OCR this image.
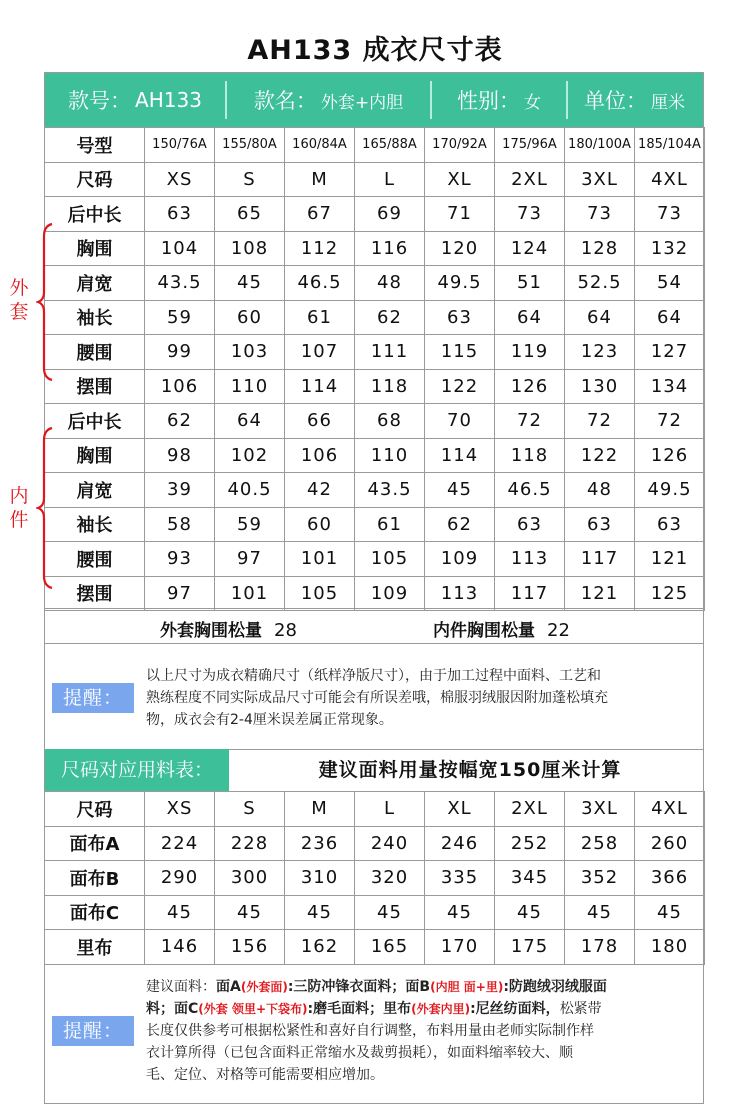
AH133 成衣尺寸表
款号： AH133 款名： 外套+内胆	性别： 女 单位： 厘米
号型	150/76A	155/80A	160/84A	165/88A	170/92A	175/96A	180/100A	185/104A
尺码	XS	S	M	L	XL	2XL	3XL	4XL
后中长	63	65	67	69	71	73	73	73
胸围	104	108	112	116	120	124	128	132
肩宽	43.5	45	46.5	48	49.5	51	52.5	54
袖长	59	60	61	62	63	64	64	64
腰围	99	103	107	111	115	119	123	127
摆围	106	110	114	118	122	126	130	134
后中长	62	64	66	68	70	72	72	72
胸围	98	102	106	110	114	118	122	126
肩宽	39	40.5	42	43.5	45	46.5	48	49.5
袖长	58	59	60	61	62	63	63	63
腰围	93	97	101	105	109	113	117	121
摆围	97	101	105	109	113	117	121	125
外
套
内
件
外套胸围松量 28	内件胸围松量 22
提醒：
以上尺寸为成衣精确尺寸（纸样净版尺寸），由于加工过程中面料、工艺和
熟练程度不同实际成品尺寸可能会有所误差哦，棉服羽绒服因附加蓬松填充
物，成衣会有2-4厘米误差属正常现象。
尺码对应用料表：	建议面料用量按幅宽150厘米计算
尺码	XS	S	M	L	XL	2XL	3XL	4XL
面布A	224	228	236	240	246	252	258	260
面布B	290	300	310	320	335	345	352	366
面布C	45	45	45	45	45	45	45	45
里布	146	156	162	165	170	175	178	180
提醒：
建议面料：面A(外套面):三防冲锋衣面料；面B(内胆 面+里):防跑绒羽绒服面
料；面C(外套 领里+下袋布):磨毛面料；里布(外套内里):尼丝纺面料，松紧带
长度仅供参考可根据松紧性和喜好自行调整，布料用量由老师实际制作样
衣计算所得（已包含面料正常缩水及裁剪损耗），如面料缩率较大、顺
毛、定位、对格等可能需要相应增加。
